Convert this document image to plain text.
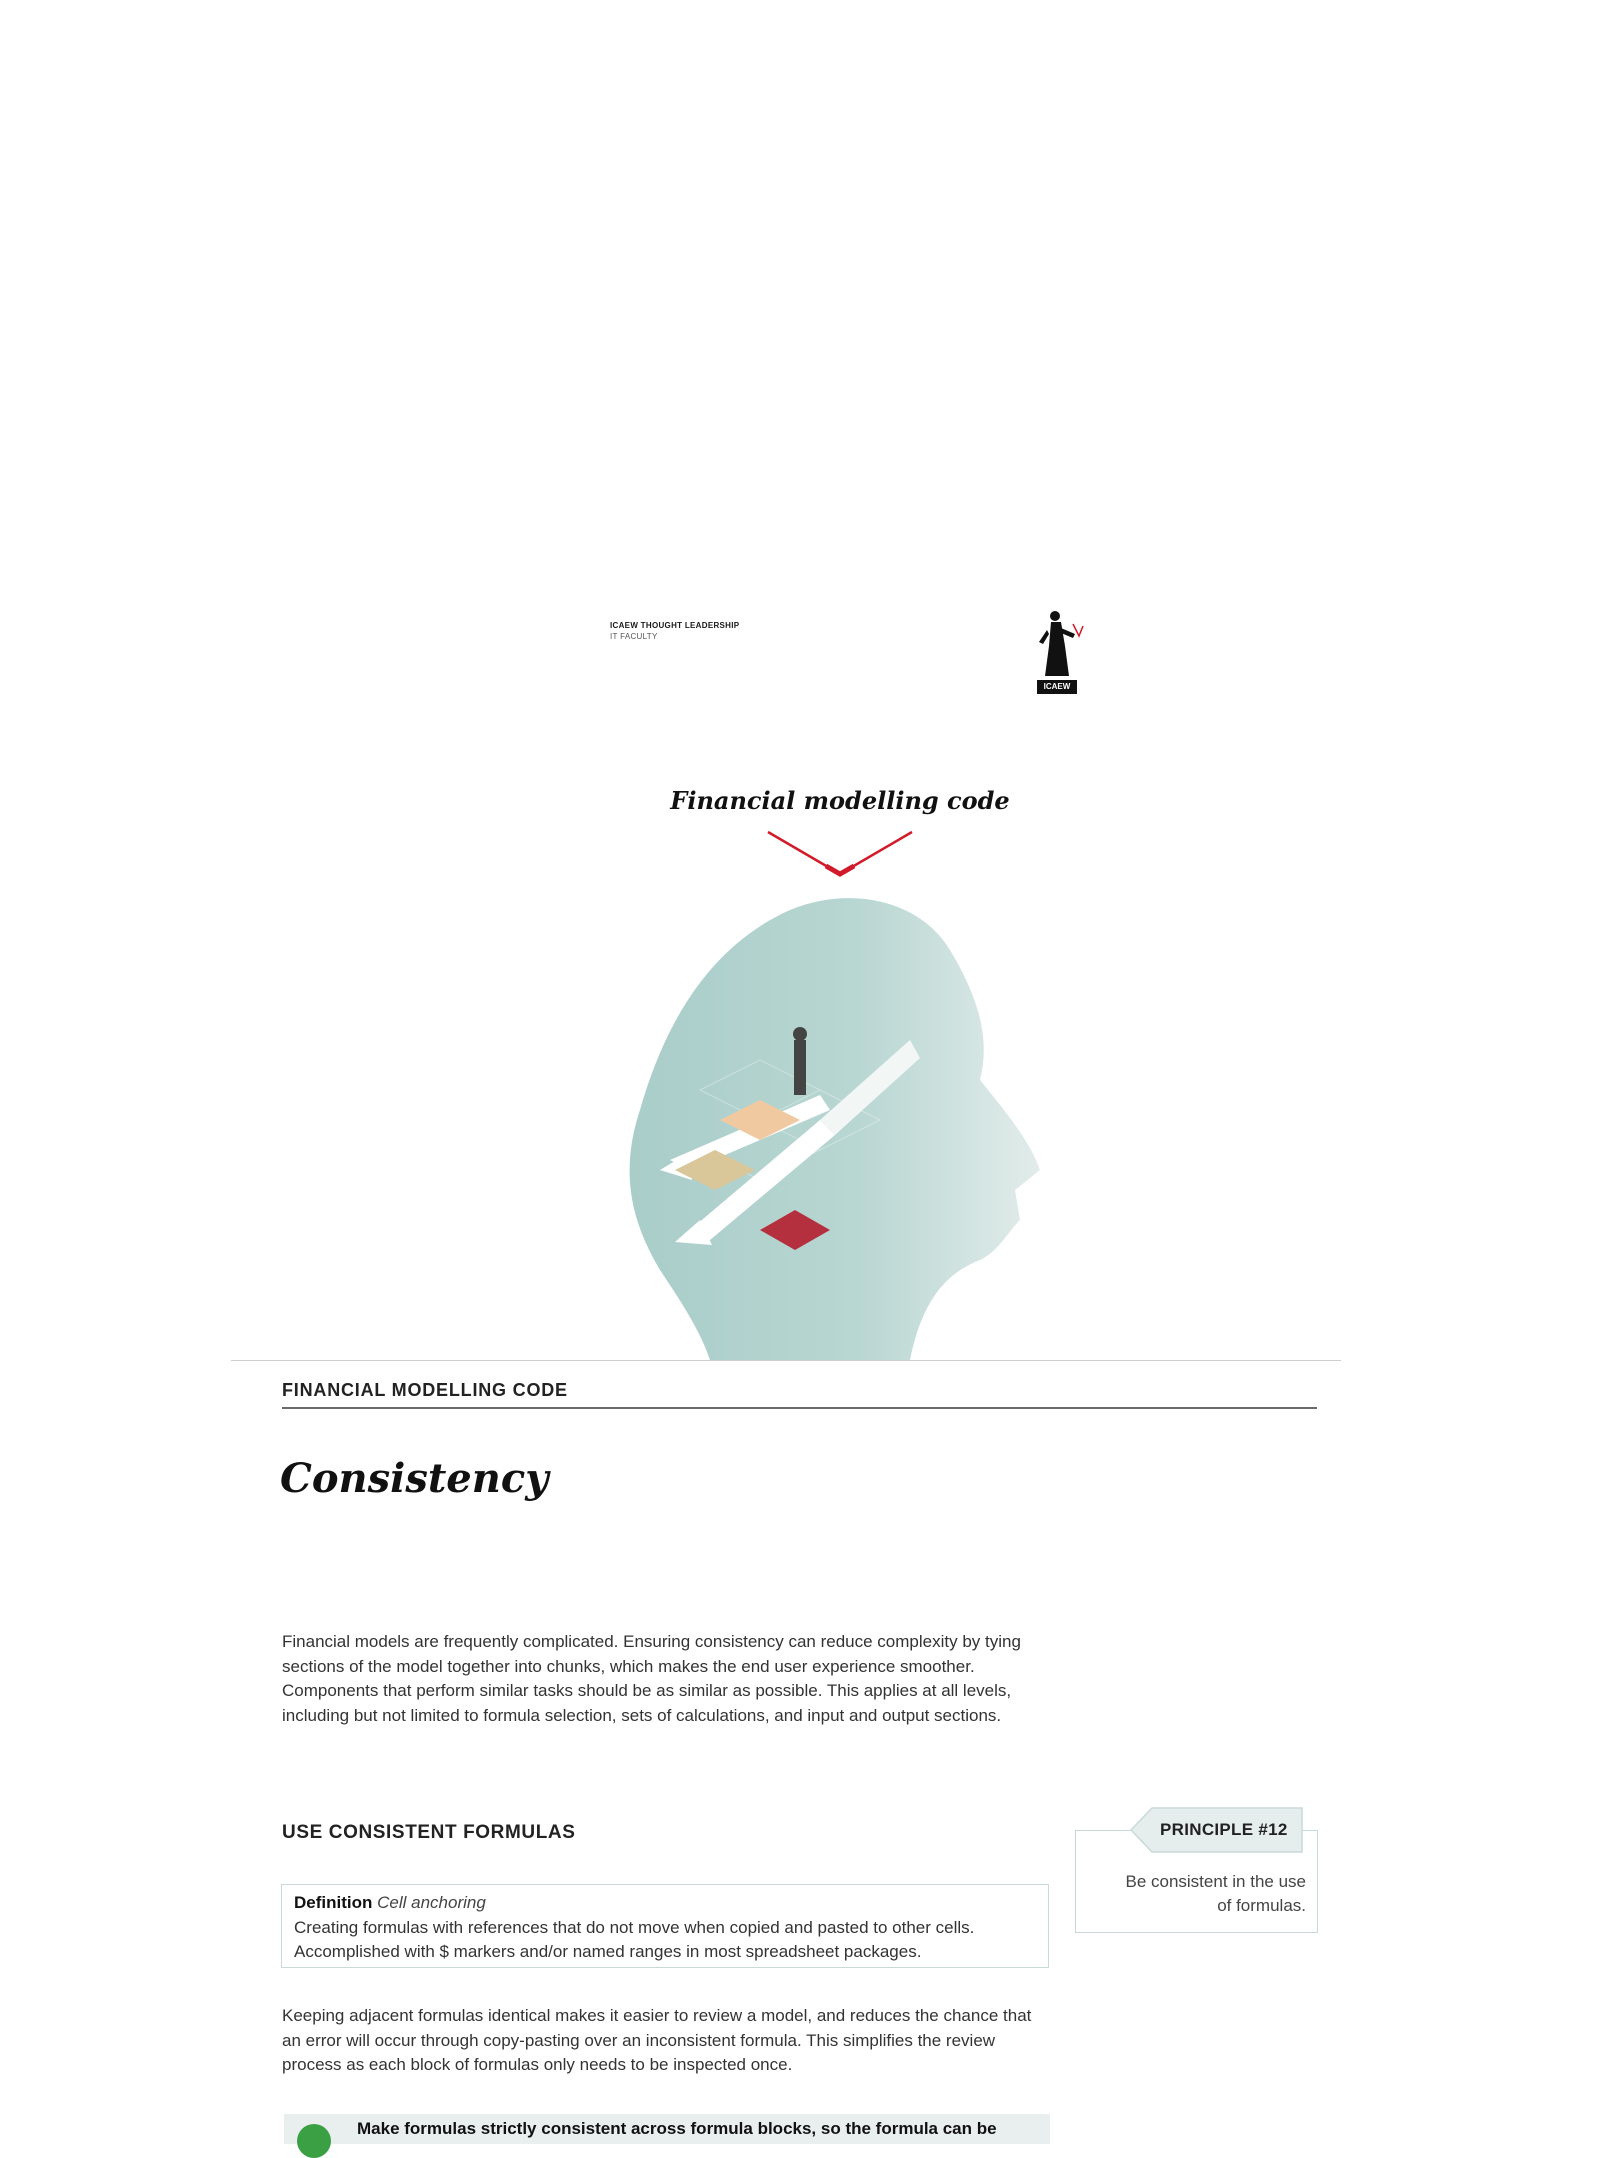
ICAEW THOUGHT LEADERSHIP
IT FACULTY
ICAEW
Financial modelling code
FINANCIAL MODELLING CODE
Consistency
Financial models are frequently complicated. Ensuring consistency can reduce complexity by tying sections of the model together into chunks, which makes the end user experience smoother. Components that perform similar tasks should be as similar as possible. This applies at all levels, including but not limited to formula selection, sets of calculations, and input and output sections.
USE CONSISTENT FORMULAS
Definition Cell anchoring
Creating formulas with references that do not move when copied and pasted to other cells. Accomplished with $ markers and/or named ranges in most spreadsheet packages.
Keeping adjacent formulas identical makes it easier to review a model, and reduces the chance that an error will occur through copy-pasting over an inconsistent formula. This simplifies the review process as each block of formulas only needs to be inspected once.
Make formulas strictly consistent across formula blocks, so the formula can be
PRINCIPLE #12
Be consistent in the use of formulas.
